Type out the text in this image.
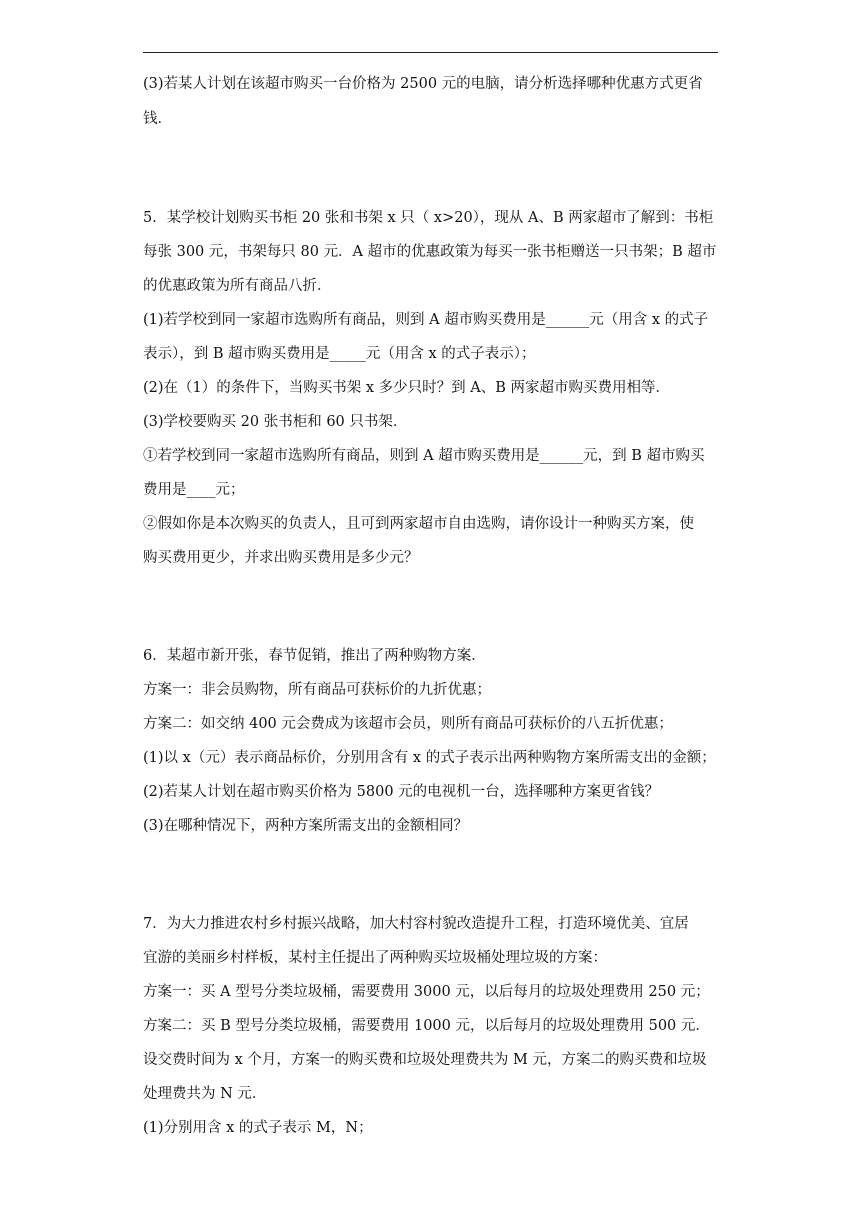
(3)若某人计划在该超市购买一台价格为 2500 元的电脑，请分析选择哪种优惠方式更省
钱．
5．某学校计划购买书柜 20 张和书架 x 只（ x>20），现从 A、B 两家超市了解到：书柜
每张 300 元，书架每只 80 元．A 超市的优惠政策为每买一张书柜赠送一只书架；B 超市
的优惠政策为所有商品八折．
(1)若学校到同一家超市选购所有商品，则到 A 超市购买费用是______元（用含 x 的式子
表示），到 B 超市购买费用是_____元（用含 x 的式子表示）；
(2)在（1）的条件下，当购买书架 x 多少只时？到 A、B 两家超市购买费用相等．
(3)学校要购买 20 张书柜和 60 只书架．
①若学校到同一家超市选购所有商品，则到 A 超市购买费用是______元，到 B 超市购买
费用是____元；
②假如你是本次购买的负责人，且可到两家超市自由选购，请你设计一种购买方案，使
购买费用更少，并求出购买费用是多少元？
6．某超市新开张，春节促销，推出了两种购物方案．
方案一：非会员购物，所有商品可获标价的九折优惠；
方案二：如交纳 400 元会费成为该超市会员，则所有商品可获标价的八五折优惠；
(1)以 x（元）表示商品标价，分别用含有 x 的式子表示出两种购物方案所需支出的金额；
(2)若某人计划在超市购买价格为 5800 元的电视机一台，选择哪种方案更省钱？
(3)在哪种情况下，两种方案所需支出的金额相同？
7．为大力推进农村乡村振兴战略，加大村容村貌改造提升工程，打造环境优美、宜居
宜游的美丽乡村样板，某村主任提出了两种购买垃圾桶处理垃圾的方案：
方案一：买 A 型号分类垃圾桶，需要费用 3000 元，以后每月的垃圾处理费用 250 元；
方案二：买 B 型号分类垃圾桶，需要费用 1000 元，以后每月的垃圾处理费用 500 元．
设交费时间为 x 个月，方案一的购买费和垃圾处理费共为 M 元，方案二的购买费和垃圾
处理费共为 N 元．
(1)分别用含 x 的式子表示 M，N；
